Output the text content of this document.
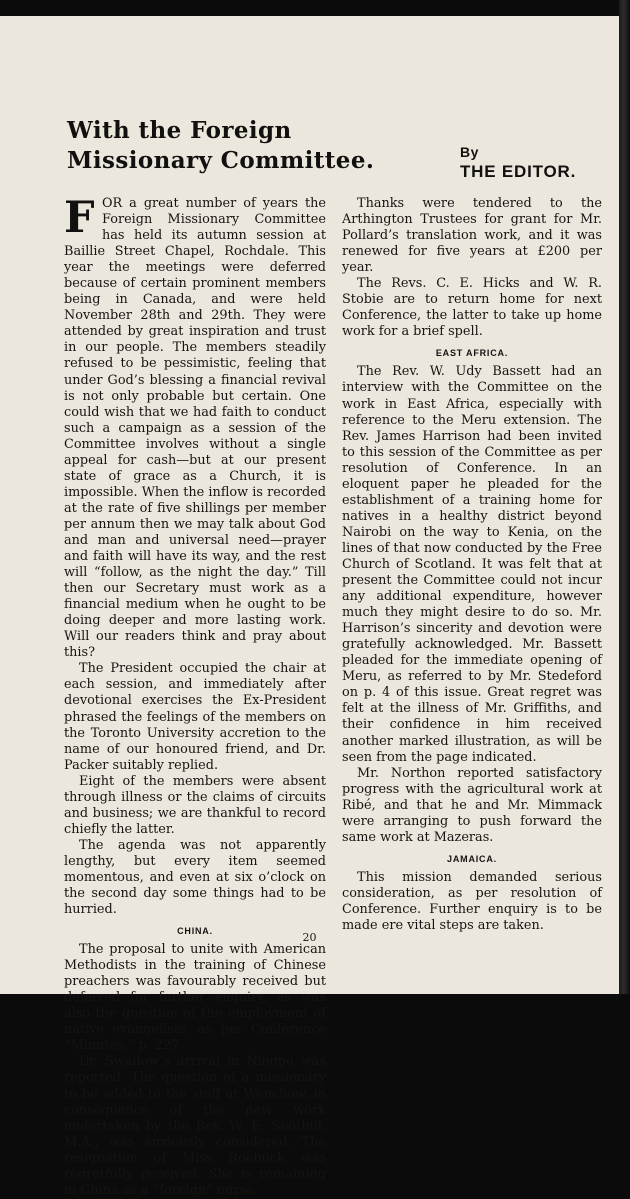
With the Foreign
Missionary Committee.	By
THE EDITOR.

FOR a great number of years the Foreign Missionary Committee has held its autumn session at Baillie Street Chapel, Rochdale. This year the meetings were deferred because of certain prominent members being in Canada, and were held November 28th and 29th. They were attended by great inspiration and trust in our people. The members steadily refused to be pessimistic, feeling that under God’s blessing a financial revival is not only probable but certain. One could wish that we had faith to conduct such a campaign as a session of the Committee involves without a single appeal for cash—but at our present state of grace as a Church, it is impossible. When the inflow is recorded at the rate of five shillings per member per annum then we may talk about God and man and universal need—prayer and faith will have its way, and the rest will “follow, as the night the day.” Till then our Secretary must work as a financial medium when he ought to be doing deeper and more lasting work. Will our readers think and pray about this?

The President occupied the chair at each session, and immediately after devotional exercises the Ex-President phrased the feelings of the members on the Toronto University accretion to the name of our honoured friend, and Dr. Packer suitably replied.

Eight of the members were absent through illness or the claims of circuits and business; we are thankful to record chiefly the latter.

The agenda was not apparently lengthy, but every item seemed momentous, and even at six o’clock on the second day some things had to be hurried.

CHINA.

The proposal to unite with American Methodists in the training of Chinese preachers was favourably received but deferred for further enquiry, as was also the question of the employment of native evangelists, as per Conference “Minutes,” p. 227.

Dr. Swallow’s arrival in Ningpo was reported. The question of a missionary to be added to the staff at Wenchow, in consequence of the new work undertaken by the Rev. W. E. Soothill, M.A., was anxiously considered. The resignation of Miss Roebuck was regretfully received. She is remaining in China as a “foreign” nurse.

Thanks were tendered to the Arthington Trustees for grant for Mr. Pollard’s translation work, and it was renewed for five years at £200 per year.

The Revs. C. E. Hicks and W. R. Stobie are to return home for next Conference, the latter to take up home work for a brief spell.

EAST AFRICA.

The Rev. W. Udy Bassett had an interview with the Committee on the work in East Africa, especially with reference to the Meru extension. The Rev. James Harrison had been invited to this session of the Committee as per resolution of Conference. In an eloquent paper he pleaded for the establishment of a training home for natives in a healthy district beyond Nairobi on the way to Kenia, on the lines of that now conducted by the Free Church of Scotland. It was felt that at present the Committee could not incur any additional expenditure, however much they might desire to do so. Mr. Harrison’s sincerity and devotion were gratefully acknowledged. Mr. Bassett pleaded for the immediate opening of Meru, as referred to by Mr. Stedeford on p. 4 of this issue. Great regret was felt at the illness of Mr. Griffiths, and their confidence in him received another marked illustration, as will be seen from the page indicated.

Mr. Northon reported satisfactory progress with the agricultural work at Ribé, and that he and Mr. Mimmack were arranging to push forward the same work at Mazeras.

JAMAICA.

This mission demanded serious consideration, as per resolution of Conference. Further enquiry is to be made ere vital steps are taken.

20
